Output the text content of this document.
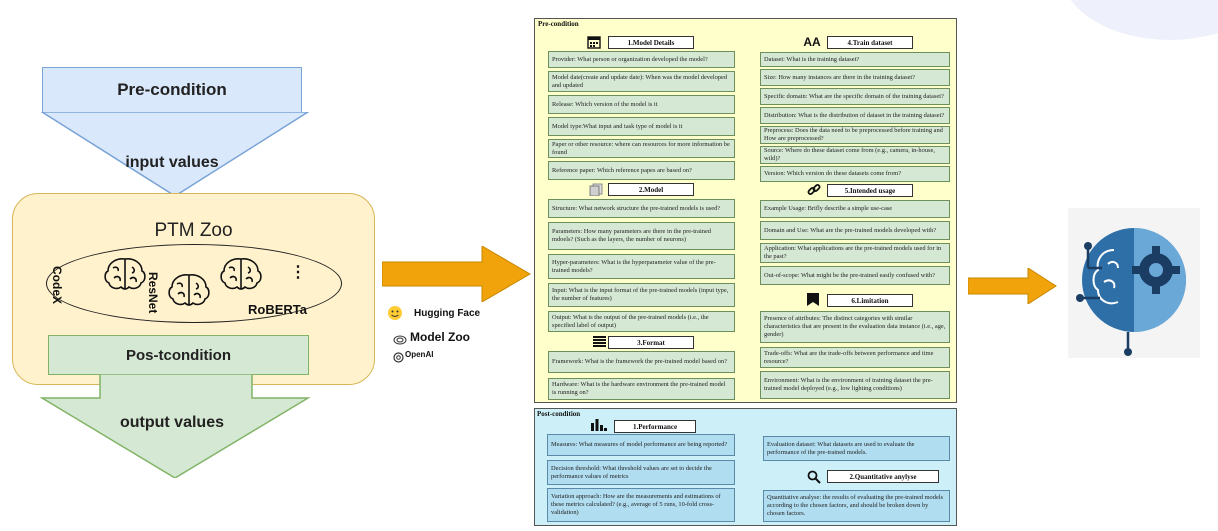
Pre-condition
input values
PTM Zoo
CodeX	ResNet	RoBERTa
⋮
Pos-tcondition
output values
Hugging Face
Model Zoo
OpenAI
Pre-condition
1.Model Details
Provider: What person or organization developed the model?
Model date(create and update date): When was the model developed and updated
Release: Which version of the model is it
Model type:What input and task type of model is it
Paper or other resource: where can resources for more information be found
Reference paper: Which reference papes are based on?
2.Model
Structure: What network structure the pre-trained models is used?
Parameters: How many parameters are there in the pre-trained mdoels? (Such as the layers, the number of neurons)
Hyper-parameters: What is the hyperparameter value of the pre-trained models?
Input: What is the input format of the pre-trained models (input type, the number of features)
Output: What is the output of the pre-trained models (i.e., the specified label of output)
3.Format
Framework: What is the framework the pre-trained model based on?
Hardware: What is the hardware environment the pre-trained model is running on?
AA	4.Train dataset
Dataset: What is the training dataset?
Size: How many instances are there in the training dataset?
Specific domain: What are the specific domain of the training dataset?
Distribution: What is the distribution of dataset in the training dataset?
Preprocess: Does the data need to be preprocessed before training and How are preprocessed?
Source: Where do these dataset come from (e.g., camera, in-house, wild)?
Version: Which version do these datasets come from?
5.Intended usage
Example Usage: Brifly describe a simple use-case
Domain and Use: What are the pre-trained models developed with?
Application: What applications are the pre-trained models used for in the past?
Out-of-scope: What might be the pre-trained easily confused with?
6.Limitation
Presence of attributes: The distinct categories with similar characteristics that are present in the evaluation data instance (i.e., age, gender)
Trade-offs: What are the trade-offs between performance and time resource?
Environment: What is the environment of training dataset the pre-trained model deployed (e.g., low lighting conditions)
Post-condition
1.Performance
Measures: What measures of model performance are being reported?
Decision threshold: What threshold values are set to decide the performance values of metrics
Variation approach: How are the measurements and estimations of these metrics calculated? (e.g., average of 5 runs, 10-fold cross-validation)
Evaluation dataset: What datasets are used to evaluate the performance of the pre-trained models.
2.Quantitative anylyse
Quantitative analyse: the results of evaluating the pre-trained models according to the chosen factors, and should be broken down by chosen factors.
